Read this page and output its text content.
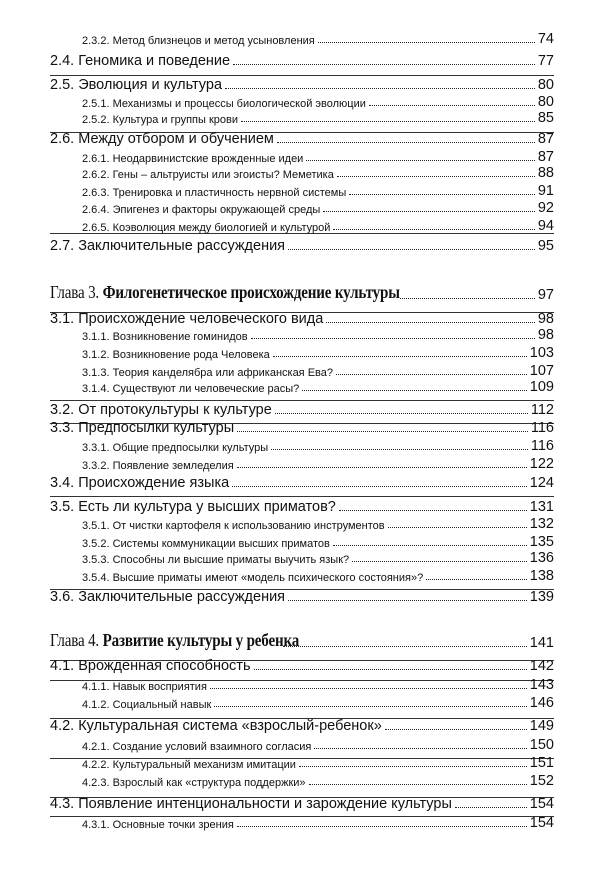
2.3.2. Метод близнецов и метод усыновления	74
2.4. Геномика и поведение	77
2.5. Эволюция и культура	80
2.5.1. Механизмы и процессы биологической эволюции	80
2.5.2. Культура и группы крови	85
2.6. Между отбором и обучением	87
2.6.1. Неодарвинистские врожденные идеи	87
2.6.2. Гены – альтруисты или эгоисты? Меметика	88
2.6.3. Тренировка и пластичность нервной системы	91
2.6.4. Эпигенез и факторы окружающей среды	92
2.6.5. Коэволюция между биологией и культурой	94
2.7. Заключительные рассуждения	95
Глава 3. Филогенетическое происхождение культуры	97
3.1. Происхождение человеческого вида	98
3.1.1. Возникновение гоминидов	98
3.1.2. Возникновение рода Человека	103
3.1.3. Теория канделябра или африканская Ева?	107
3.1.4. Существуют ли человеческие расы?	109
3.2. От протокультуры к культуре	112
3.3. Предпосылки культуры	116
3.3.1. Общие предпосылки культуры	116
3.3.2. Появление земледелия	122
3.4. Происхождение языка	124
3.5. Есть ли культура у высших приматов?	131
3.5.1. От чистки картофеля к использованию инструментов	132
3.5.2. Системы коммуникации высших приматов	135
3.5.3. Способны ли высшие приматы выучить язык?	136
3.5.4. Высшие приматы имеют «модель психического состояния»?	138
3.6. Заключительные рассуждения	139
Глава 4. Развитие культуры у ребенка	141
4.1. Врожденная способность	142
4.1.1. Навык восприятия	143
4.1.2. Социальный навык	146
4.2. Культуральная система «взрослый-ребенок»	149
4.2.1. Создание условий взаимного согласия	150
4.2.2. Культуральный механизм имитации	151
4.2.3. Взрослый как «структура поддержки»	152
4.3. Появление интенциональности и зарождение культуры	154
4.3.1. Основные точки зрения	154
